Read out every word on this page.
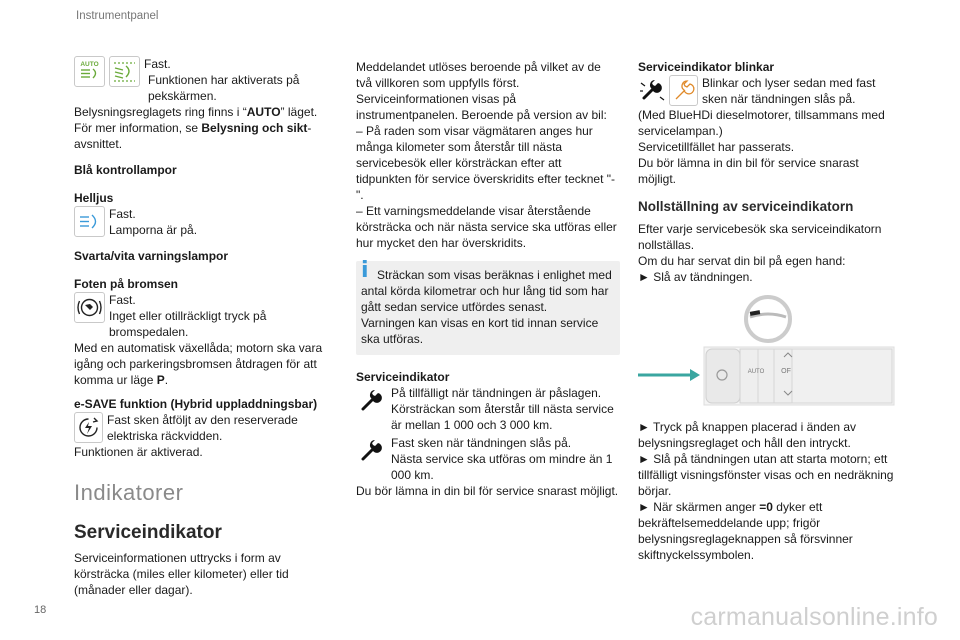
Instrumentpanel
AUTO	Fast.

Funktionen har aktiverats på pekskärmen.

Belysningsreglagets ring finns i “AUTO” läget.

För mer information, se Belysning och sikt-avsnittet.

Blå kontrollampor

Helljus

Fast.

Lamporna är på.

Svarta/vita varningslampor

Foten på bromsen

Fast.

Inget eller otillräckligt tryck på bromspedalen.

Med en automatisk växellåda; motorn ska vara igång och parkeringsbromsen åtdragen för att komma ur läge P.

e-SAVE funktion (Hybrid uppladdningsbar)

Fast sken åtföljt av den reserverade elektriska räckvidden.

Funktionen är aktiverad.

Indikatorer

Serviceindikator

Serviceinformationen uttrycks i form av körsträcka (miles eller kilometer) eller tid (månader eller dagar).

Meddelandet utlöses beroende på vilket av de två villkoren som uppfylls först.

Serviceinformationen visas på instrumentpanelen. Beroende på version av bil:

– På raden som visar vägmätaren anges hur många kilometer som återstår till nästa servicebesök eller körsträckan efter att tidpunkten för service överskridits efter tecknet "-".

– Ett varningsmeddelande visar återstående körsträcka och när nästa service ska utföras eller hur mycket den har överskridits.

i Sträckan som visas beräknas i enlighet med antal körda kilometrar och hur lång tid som har gått sedan service utfördes senast.

Varningen kan visas en kort tid innan service ska utföras.

Serviceindikator

På tillfälligt när tändningen är påslagen.

Körsträckan som återstår till nästa service är mellan 1 000 och 3 000 km.

Fast sken när tändningen slås på.

Nästa service ska utföras om mindre än 1 000 km.

Du bör lämna in din bil för service snarast möjligt.

Serviceindikator blinkar

Blinkar och lyser sedan med fast sken när tändningen slås på.

(Med BlueHDi dieselmotorer, tillsammans med servicelampan.)

Servicetillfället har passerats.

Du bör lämna in din bil för service snarast möjligt.

Nollställning av serviceindikatorn

Efter varje servicebesök ska serviceindikatorn nollställas.

Om du har servat din bil på egen hand:

► Slå av tändningen.

AUTO OF

► Tryck på knappen placerad i änden av belysningsreglaget och håll den intryckt.

► Slå på tändningen utan att starta motorn; ett tillfälligt visningsfönster visas och en nedräkning börjar.

► När skärmen anger =0 dyker ett bekräftelsemeddelande upp; frigör belysningsreglageknappen så försvinner skiftnyckelssymbolen.

18	carmanualsonline.info
